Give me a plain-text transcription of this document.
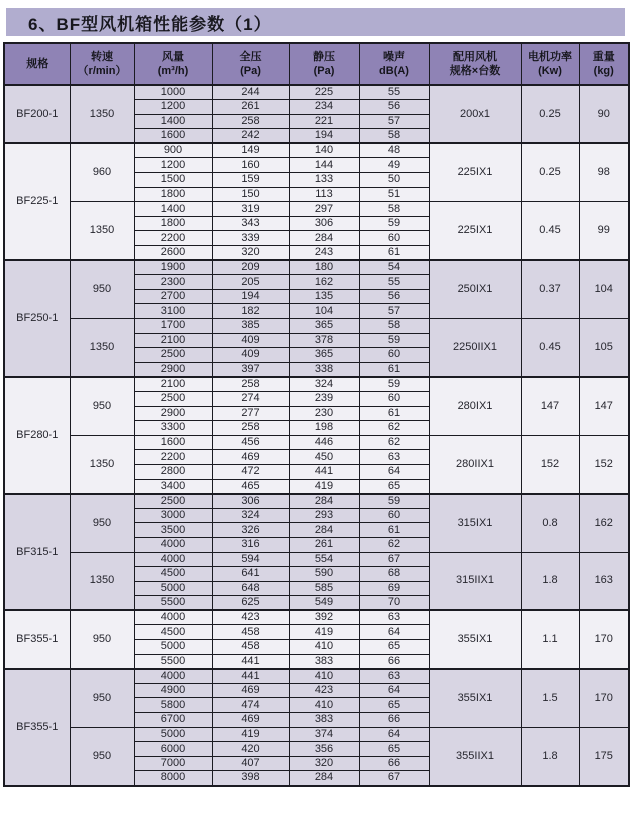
6、BF型风机箱性能参数（1）
规格

转速
（r/min）

风量
(m³/h)

全压
(Pa)

静压
(Pa)

噪声
dB(A)

配用风机
规格×台数

电机功率
(Kw)

重量
(kg)

BF200-1	1350	1000	244	225	55	200x1	0.25	90
		1200	261	234	56			
		1400	258	221	57			
		1600	242	194	58			
BF225-1	960	900	149	140	48	225IX1	0.25	98
		1200	160	144	49			
		1500	159	133	50			
		1800	150	113	51			
	1350	1400	319	297	58	225IX1	0.45	99
		1800	343	306	59			
		2200	339	284	60			
		2600	320	243	61			
BF250-1	950	1900	209	180	54	250IX1	0.37	104
		2300	205	162	55			
		2700	194	135	56			
		3100	182	104	57			
	1350	1700	385	365	58	2250IIX1	0.45	105
		2100	409	378	59			
		2500	409	365	60			
		2900	397	338	61			
BF280-1	950	2100	258	324	59	280IX1	147	147
		2500	274	239	60			
		2900	277	230	61			
		3300	258	198	62			
	1350	1600	456	446	62	280IIX1	152	152
		2200	469	450	63			
		2800	472	441	64			
		3400	465	419	65			
BF315-1	950	2500	306	284	59	315IX1	0.8	162
		3000	324	293	60			
		3500	326	284	61			
		4000	316	261	62			
	1350	4000	594	554	67	315IIX1	1.8	163
		4500	641	590	68			
		5000	648	585	69			
		5500	625	549	70			
BF355-1	950	4000	423	392	63	355IX1	1.1	170
		4500	458	419	64			
		5000	458	410	65			
		5500	441	383	66			
BF355-1	950	4000	441	410	63	355IX1	1.5	170
		4900	469	423	64			
		5800	474	410	65			
		6700	469	383	66			
	950	5000	419	374	64	355IIX1	1.8	175
		6000	420	356	65			
		7000	407	320	66			
		8000	398	284	67			
